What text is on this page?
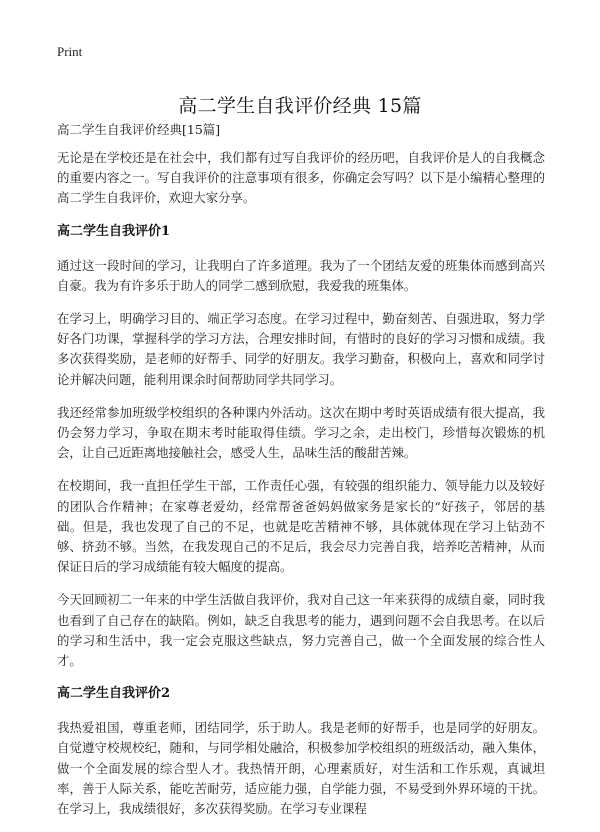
Print
高二学生自我评价经典 15篇
高二学生自我评价经典[15篇]

无论是在学校还是在社会中，我们都有过写自我评价的经历吧，自我评价是人的自我概念的重要内容之一。写自我评价的注意事项有很多，你确定会写吗？以下是小编精心整理的高二学生自我评价，欢迎大家分享。

高二学生自我评价1

通过这一段时间的学习，让我明白了许多道理。我为了一个团结友爱的班集体而感到高兴自豪。我为有许多乐于助人的同学二感到欣慰，我爱我的班集体。

在学习上，明确学习目的、端正学习态度。在学习过程中，勤奋刻苦、自强进取，努力学好各门功课，掌握科学的学习方法，合理安排时间，有惜时的良好的学习习惯和成绩。我多次获得奖励，是老师的好帮手、同学的好朋友。我学习勤奋，积极向上，喜欢和同学讨论并解决问题，能利用课余时间帮助同学共同学习。

我还经常参加班级学校组织的各种课内外活动。这次在期中考时英语成绩有很大提高，我仍会努力学习，争取在期末考时能取得佳绩。学习之余，走出校门，珍惜每次锻炼的机会，让自己近距离地接触社会，感受人生，品味生活的酸甜苦辣。

在校期间，我一直担任学生干部，工作责任心强，有较强的组织能力、领导能力以及较好的团队合作精神；在家尊老爱幼，经常帮爸爸妈妈做家务是家长的“好孩子，邻居的基础。但是，我也发现了自己的不足，也就是吃苦精神不够，具体就体现在学习上钻劲不够、挤劲不够。当然，在我发现自己的不足后，我会尽力完善自我，培养吃苦精神，从而保证日后的学习成绩能有较大幅度的提高。

今天回顾初二一年来的中学生活做自我评价，我对自己这一年来获得的成绩自豪，同时我也看到了自己存在的缺陷。例如，缺乏自我思考的能力，遇到问题不会自我思考。在以后的学习和生活中，我一定会克服这些缺点，努力完善自己，做一个全面发展的综合性人才。

高二学生自我评价2

我热爱祖国，尊重老师，团结同学，乐于助人。我是老师的好帮手，也是同学的好朋友。自觉遵守校规校纪，随和，与同学相处融洽，积极参加学校组织的班级活动，融入集体，做一个全面发展的综合型人才。我热情开朗，心理素质好，对生活和工作乐观，真诚坦率，善于人际关系，能吃苦耐劳，适应能力强，自学能力强，不易受到外界环境的干扰。在学习上，我成绩很好，多次获得奖励。在学习专业课程
